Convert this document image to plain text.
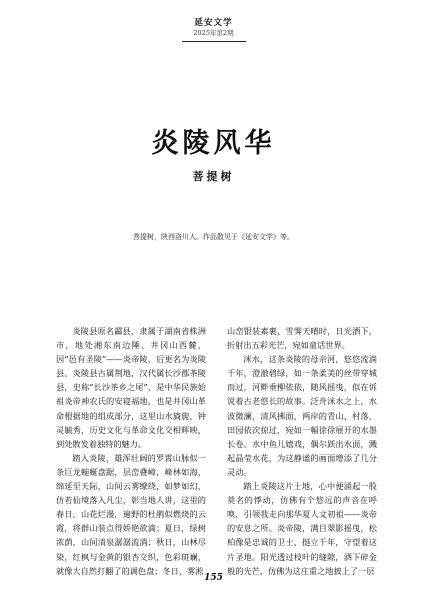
延安文学
2025年第2期
炎陵风华
菩提树
菩提树，陕西洛川人。作品散见于《延安文学》等。

炎陵县原名酃县，隶属于湖南省株洲市，地处湘东南边陲、井冈山西麓，因“邑有圣陵”——炎帝陵，后更名为炎陵县。炎陵县古属荆地，汉代属长沙郡茶陵县，史称“长沙茶乡之尾”，是中华民族始祖炎帝神农氏的安寝福地，也是井冈山革命根据地的组成部分，这里山水旖旎，钟灵毓秀，历史文化与革命文化交相辉映，到处散发着独特的魅力。

踏入炎陵，雄浑壮阔的罗霄山脉似一条巨龙蜿蜒盘踞，层峦叠嶂，峰林如海，绵延至天际，山间云雾缭绕，如梦如幻，仿若仙境落入凡尘，彰当地人讲，这里的春日，山花烂漫，遍野的杜鹃似燃烧的云霞，将群山装点得娇艳欲滴；夏日，绿树浓荫，山间清泉潺潺流淌；秋日，山林尽染，红枫与金黄的银杏交织，色彩斑斓，就像大自然打翻了的调色盘；冬日，雾淞

山峦银装素裹，雪霁天晴时，日光洒下，折射出五彩光芒，宛如童话世界。

洣水，这条炎陵的母亲河，悠悠流淌千年，澄澈碧绿，如一条柔美的丝带穿城而过，河畔垂柳依依，随风摇曳，似在诉说着古老悠长的故事。泛舟洣水之上，水波微澜，清风拂面，两岸的青山、村落、田园依次掠过，宛如一幅徐徐展开的水墨长卷。水中鱼儿嬉戏，偶尔跃出水面，溅起晶莹水花，为这静谧的画面增添了几分灵动。

踏上炎陵这片土地，心中便涌起一股莫名的悸动，仿佛有个悠远的声音在呼唤，引领我走向那华夏人文初祖——炎帝的安息之所。炎帝陵，满目翠影摇曳，松柏像是忠诚的卫士，挺立千年，守望着这片圣地。阳光透过枝叶的缝隙，洒下碎金般的光芒，仿佛为这庄重之地披上了一层

155
